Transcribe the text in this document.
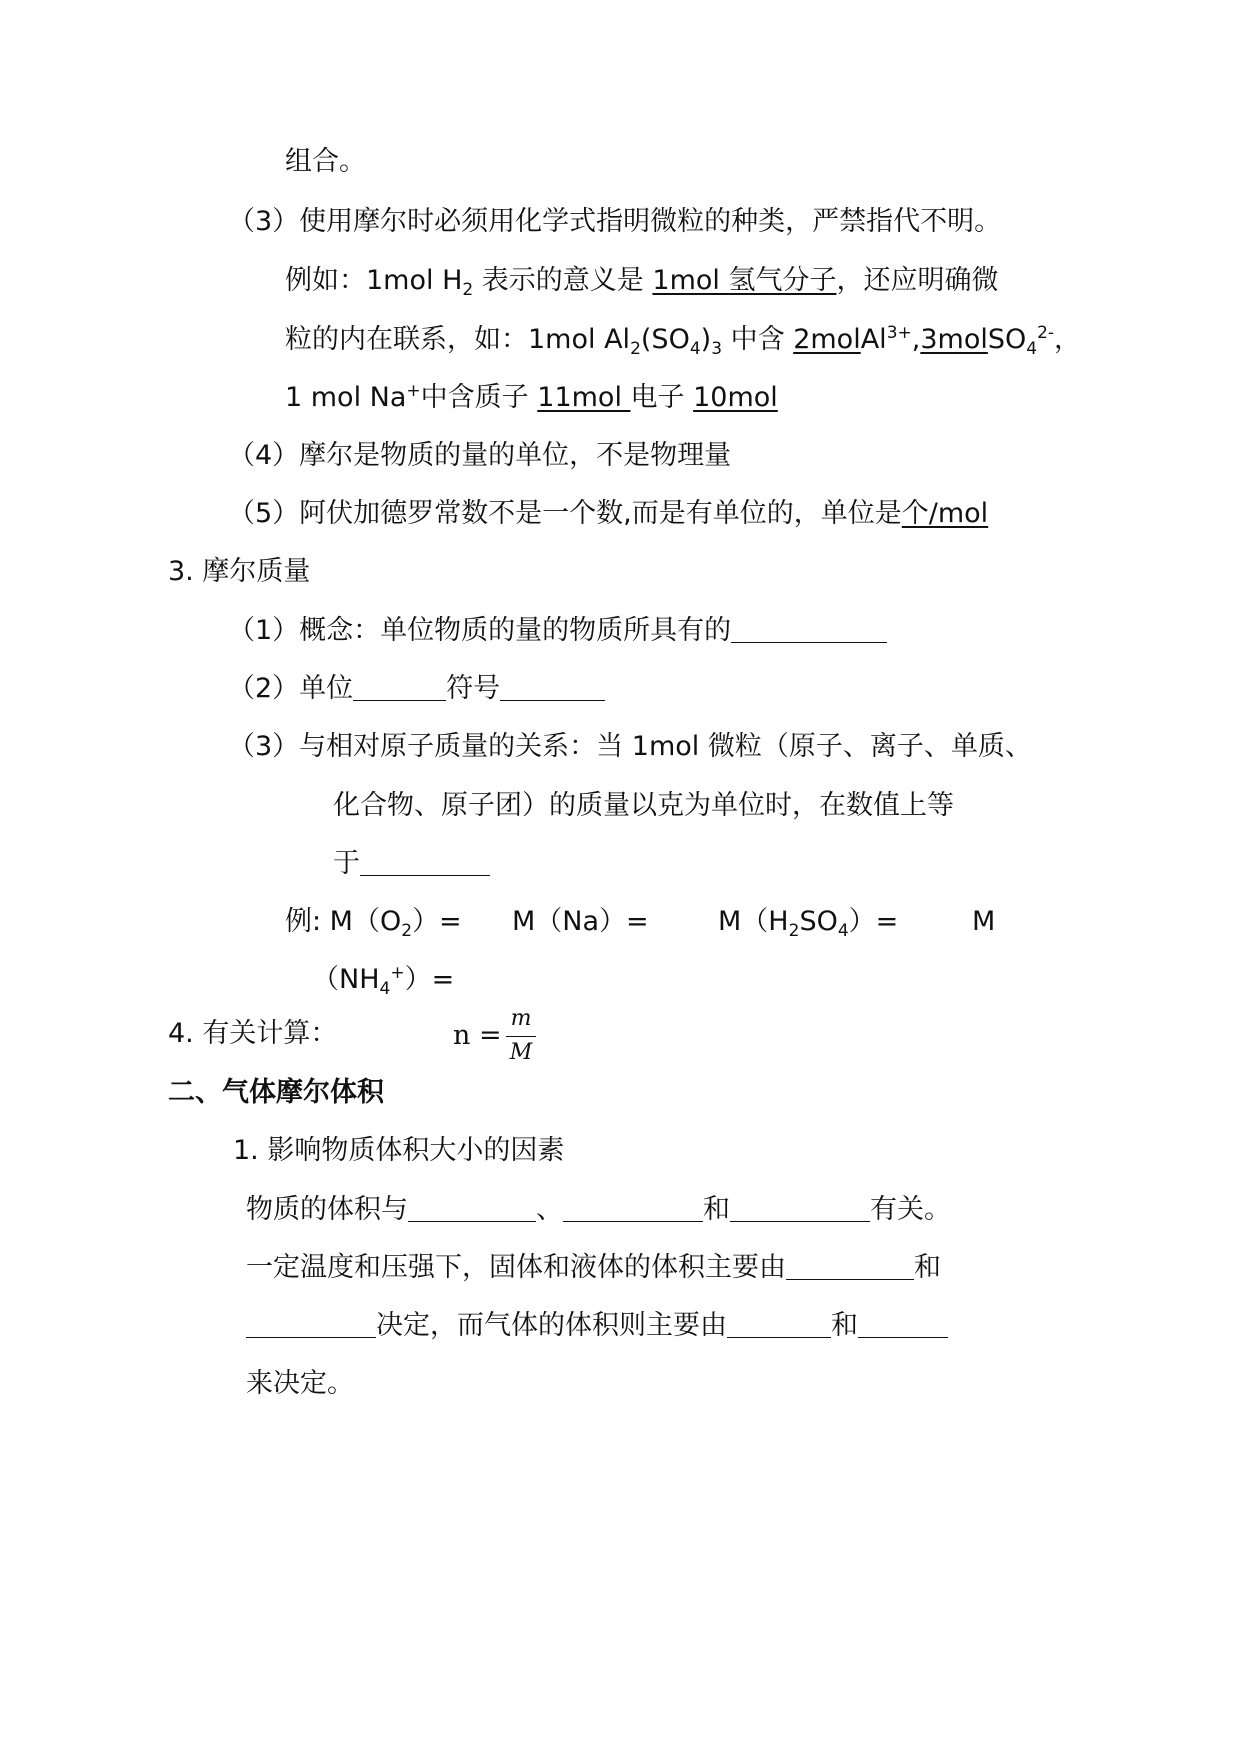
组合。
（3）使用摩尔时必须用化学式指明微粒的种类，严禁指代不明。
例如：1mol $H_2$ 表示的意义是 1mol 氢气分子，还应明确微
粒的内在联系，如：1mol $Al_2(SO_4)_3$ 中含 2molAl$^{3+}$,3molSO$_4^{2-}$，
1 mol Na+中含质子 11mol 电子 10mol
（4）摩尔是物质的量的单位，不是物理量
（5）阿伏加德罗常数不是一个数,而是有单位的，单位是个/mol
3. 摩尔质量
（1）概念：单位物质的量的物质所具有的
（2）单位	符号
（3）与相对原子质量的关系：当 1mol 微粒（原子、离子、单质、
化合物、原子团）的质量以克为单位时，在数值上等
于
例: $M(O_2)= M(Na)=$	$M(H_2SO_4)=$	M
$(NH_4^+)=$
4. 有关计算：	n =
m
M
二、气体摩尔体积
1. 影响物质体积大小的因素
物质的体积与	、	和	有关。
一定温度和压强下，固体和液体的体积主要由	和
决定，而气体的体积则主要由	和
来决定。
